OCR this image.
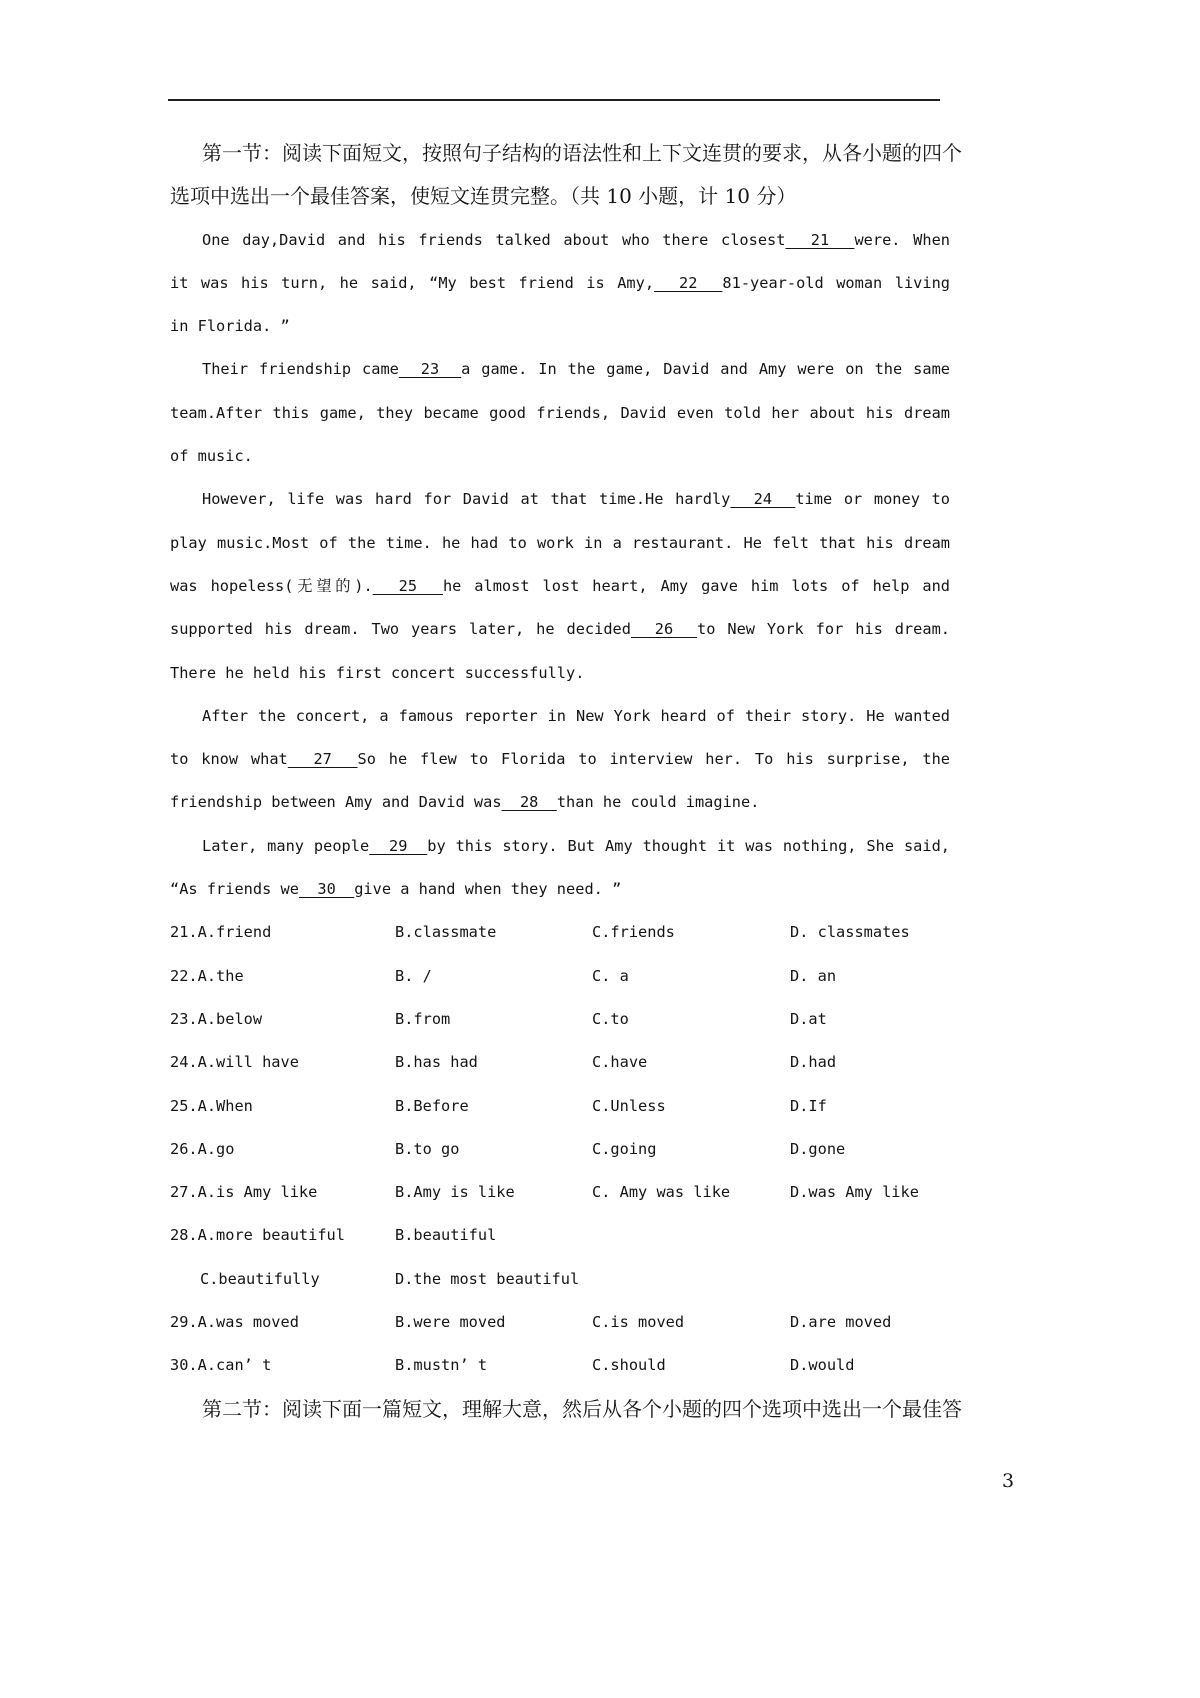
第一节：阅读下面短文，按照句子结构的语法性和上下文连贯的要求，从各小题的四个
选项中选出一个最佳答案，使短文连贯完整。（共 10 小题，计 10 分）
One day,David and his friends talked about who there closest  21  were. When
it was his turn, he said, “My best friend is Amy,  22  81-year-old woman living
in Florida. ”
Their friendship came  23  a game. In the game, David and Amy were on the same
team.After this game, they became good friends, David even told her about his dream
of music.
However, life was hard for David at that time.He hardly  24  time or money to
play music.Most of the time. he had to work in a restaurant. He felt that his dream
was hopeless(无望的).  25  he almost lost heart, Amy gave him lots of help and
supported his dream. Two years later, he decided  26  to New York for his dream.
There he held his first concert successfully.
After the concert, a famous reporter in New York heard of their story. He wanted
to know what  27  So he flew to Florida to interview her. To his surprise, the
friendship between Amy and David was  28  than he could imagine.
Later, many people  29  by this story. But Amy thought it was nothing, She said,
“As friends we  30  give a hand when they need. ”
21.A.friend	B.classmate	C.friends	D. classmates
22.A.the	B. /	C. a	D. an
23.A.below	B.from	C.to	D.at
24.A.will have	B.has had	C.have	D.had
25.A.When	B.Before	C.Unless	D.If
26.A.go	B.to go	C.going	D.gone
27.A.is Amy like	B.Amy is like	C. Amy was like	D.was Amy like
28.A.more beautiful	B.beautiful
C.beautifully	D.the most beautiful
29.A.was moved	B.were moved	C.is moved	D.are moved
30.A.can’ t	B.mustn’ t	C.should	D.would
第二节：阅读下面一篇短文，理解大意，然后从各个小题的四个选项中选出一个最佳答
3
